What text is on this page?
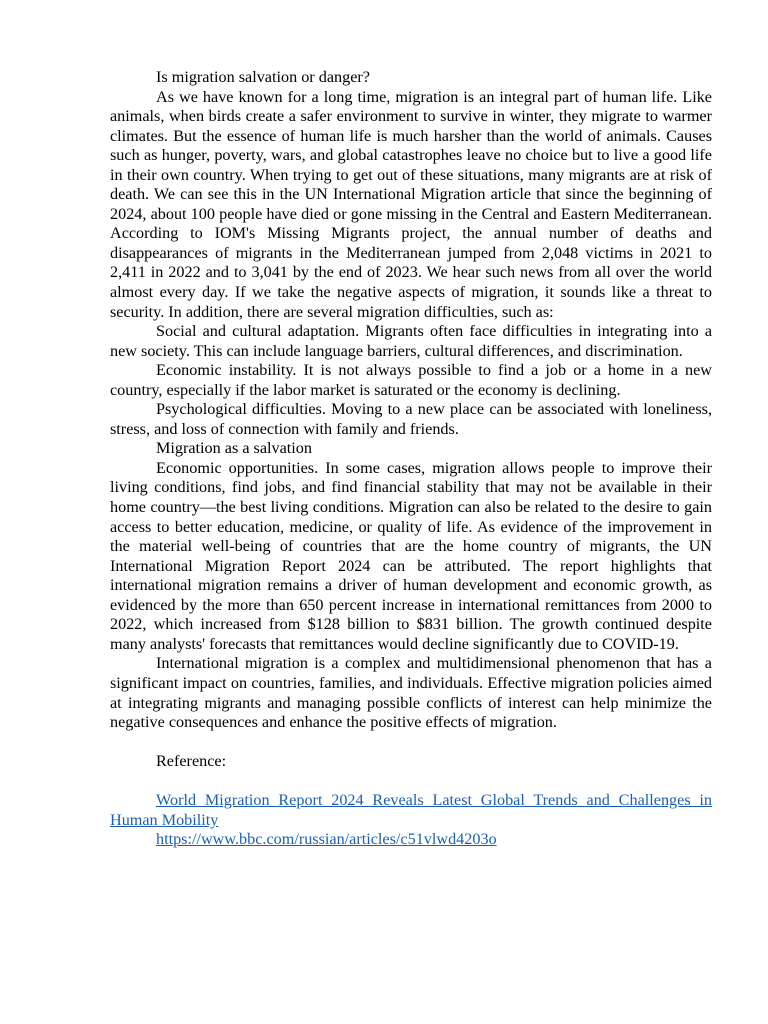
Is migration salvation or danger?

As we have known for a long time, migration is an integral part of human life. Like animals, when birds create a safer environment to survive in winter, they migrate to warmer climates. But the essence of human life is much harsher than the world of animals. Causes such as hunger, poverty, wars, and global catastrophes leave no choice but to live a good life in their own country. When trying to get out of these situations, many migrants are at risk of death. We can see this in the UN International Migration article that since the beginning of 2024, about 100 people have died or gone missing in the Central and Eastern Mediterranean. According to IOM's Missing Migrants project, the annual number of deaths and disappearances of migrants in the Mediterranean jumped from 2,048 victims in 2021 to 2,411 in 2022 and to 3,041 by the end of 2023. We hear such news from all over the world almost every day. If we take the negative aspects of migration, it sounds like a threat to security. In addition, there are several migration difficulties, such as:

Social and cultural adaptation. Migrants often face difficulties in integrating into a new society. This can include language barriers, cultural differences, and discrimination.

Economic instability. It is not always possible to find a job or a home in a new country, especially if the labor market is saturated or the economy is declining.

Psychological difficulties. Moving to a new place can be associated with loneliness, stress, and loss of connection with family and friends.

Migration as a salvation

Economic opportunities. In some cases, migration allows people to improve their living conditions, find jobs, and find financial stability that may not be available in their home country—the best living conditions. Migration can also be related to the desire to gain access to better education, medicine, or quality of life. As evidence of the improvement in the material well-being of countries that are the home country of migrants, the UN International Migration Report 2024 can be attributed. The report highlights that international migration remains a driver of human development and economic growth, as evidenced by the more than 650 percent increase in international remittances from 2000 to 2022, which increased from $128 billion to $831 billion. The growth continued despite many analysts' forecasts that remittances would decline significantly due to COVID-19.

International migration is a complex and multidimensional phenomenon that has a significant impact on countries, families, and individuals. Effective migration policies aimed at integrating migrants and managing possible conflicts of interest can help minimize the negative consequences and enhance the positive effects of migration.

Reference:

World Migration Report 2024 Reveals Latest Global Trends and Challenges in Human Mobility

https://www.bbc.com/russian/articles/c51vlwd4203o
